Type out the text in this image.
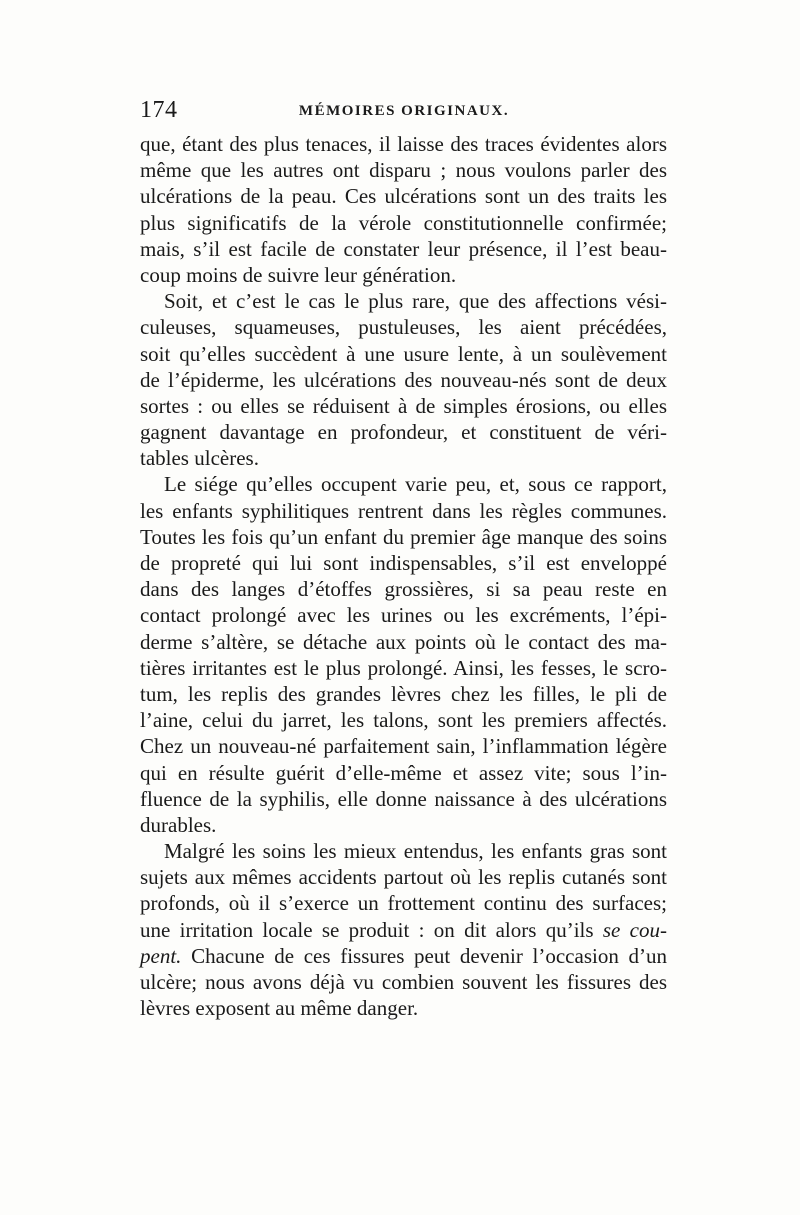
174	MÉMOIRES ORIGINAUX.
que, étant des plus tenaces, il laisse des traces évidentes alors
même que les autres ont disparu ; nous voulons parler des
ulcérations de la peau. Ces ulcérations sont un des traits les
plus significatifs de la vérole constitutionnelle confirmée;
mais, s’il est facile de constater leur présence, il l’est beau-
coup moins de suivre leur génération.
Soit, et c’est le cas le plus rare, que des affections vési-
culeuses, squameuses, pustuleuses, les aient précédées,
soit qu’elles succèdent à une usure lente, à un soulèvement
de l’épiderme, les ulcérations des nouveau-nés sont de deux
sortes : ou elles se réduisent à de simples érosions, ou elles
gagnent davantage en profondeur, et constituent de véri-
tables ulcères.
Le siége qu’elles occupent varie peu, et, sous ce rapport,
les enfants syphilitiques rentrent dans les règles communes.
Toutes les fois qu’un enfant du premier âge manque des soins
de propreté qui lui sont indispensables, s’il est enveloppé
dans des langes d’étoffes grossières, si sa peau reste en
contact prolongé avec les urines ou les excréments, l’épi-
derme s’altère, se détache aux points où le contact des ma-
tières irritantes est le plus prolongé. Ainsi, les fesses, le scro-
tum, les replis des grandes lèvres chez les filles, le pli de
l’aine, celui du jarret, les talons, sont les premiers affectés.
Chez un nouveau-né parfaitement sain, l’inflammation légère
qui en résulte guérit d’elle-même et assez vite; sous l’in-
fluence de la syphilis, elle donne naissance à des ulcérations
durables.
Malgré les soins les mieux entendus, les enfants gras sont
sujets aux mêmes accidents partout où les replis cutanés sont
profonds, où il s’exerce un frottement continu des surfaces;
une irritation locale se produit : on dit alors qu’ils se cou-
pent. Chacune de ces fissures peut devenir l’occasion d’un
ulcère; nous avons déjà vu combien souvent les fissures des
lèvres exposent au même danger.
